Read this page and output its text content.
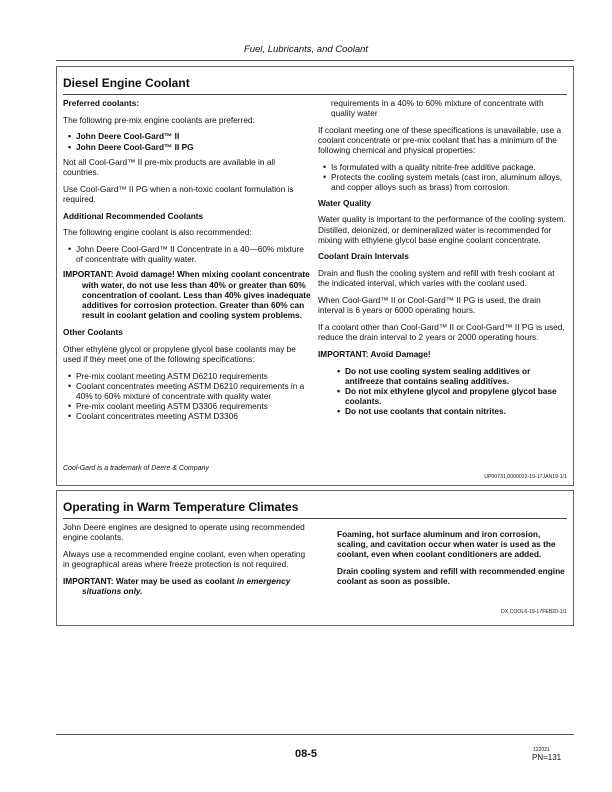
Fuel, Lubricants, and Coolant
Diesel Engine Coolant

Preferred coolants:

The following pre-mix engine coolants are preferred:

• John Deere Cool-Gard™ II
• John Deere Cool-Gard™ II PG

Not all Cool-Gard™ II pre-mix products are available in all countries.

Use Cool-Gard™ II PG when a non-toxic coolant formulation is required.

Additional Recommended Coolants

The following engine coolant is also recommended:

• John Deere Cool-Gard™ II Concentrate in a 40—60% mixture of concentrate with quality water.

IMPORTANT: Avoid damage! When mixing coolant concentrate with water, do not use less than 40% or greater than 60% concentration of coolant. Less than 40% gives inadequate additives for corrosion protection. Greater than 60% can result in coolant gelation and cooling system problems.

Other Coolants

Other ethylene glycol or propylene glycol base coolants may be used if they meet one of the following specifications:

• Pre-mix coolant meeting ASTM D6210 requirements
• Coolant concentrates meeting ASTM D6210 requirements in a 40% to 60% mixture of concentrate with quality water
• Pre-mix coolant meeting ASTM D3306 requirements
• Coolant concentrates meeting ASTM D3306

requirements in a 40% to 60% mixture of concentrate with quality water

If coolant meeting one of these specifications is unavailable, use a coolant concentrate or pre-mix coolant that has a minimum of the following chemical and physical properties:

• Is formulated with a quality nitrite-free additive package.
• Protects the cooling system metals (cast iron, aluminum alloys, and copper alloys such as brass) from corrosion.

Water Quality

Water quality is important to the performance of the cooling system. Distilled, deionized, or demineralized water is recommended for mixing with ethylene glycol base engine coolant concentrate.

Coolant Drain Intervals

Drain and flush the cooling system and refill with fresh coolant at the indicated interval, which varies with the coolant used.

When Cool-Gard™ II or Cool-Gard™ II PG is used, the drain interval is 6 years or 6000 operating hours.

If a coolant other than Cool-Gard™ II or Cool-Gard™ II PG is used, reduce the drain interval to 2 years or 2000 operating hours.

IMPORTANT: Avoid Damage!

• Do not use cooling system sealing additives or antifreeze that contains sealing additives.
• Do not mix ethylene glycol and propylene glycol base coolants.
• Do not use coolants that contain nitrites.
Cool-Gard is a trademark of Deere & Company
UP00731,0000022-19-17JAN19-1/1
Operating in Warm Temperature Climates

John Deere engines are designed to operate using recommended engine coolants.

Always use a recommended engine coolant, even when operating in geographical areas where freeze protection is not required.

IMPORTANT: Water may be used as coolant in emergency situations only.

Foaming, hot surface aluminum and iron corrosion, scaling, and cavitation occur when water is used as the coolant, even when coolant conditioners are added.

Drain cooling system and refill with recommended engine coolant as soon as possible.

DX,COOL6-19-17FEB20-1/1
08-5	122021
PN=131
